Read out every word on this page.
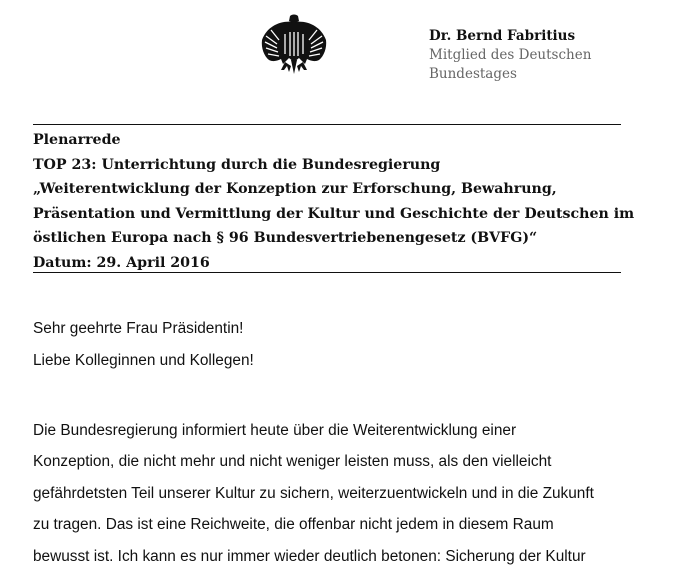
Dr. Bernd Fabritius
Mitglied des Deutschen Bundestages
Plenarrede
TOP 23: Unterrichtung durch die Bundesregierung
„Weiterentwicklung der Konzeption zur Erforschung, Bewahrung,
Präsentation und Vermittlung der Kultur und Geschichte der Deutschen im
östlichen Europa nach § 96 Bundesvertriebenengesetz (BVFG)“
Datum: 29. April 2016
Sehr geehrte Frau Präsidentin!
Liebe Kolleginnen und Kollegen!
Die Bundesregierung informiert heute über die Weiterentwicklung einer
Konzeption, die nicht mehr und nicht weniger leisten muss, als den vielleicht
gefährdetsten Teil unserer Kultur zu sichern, weiterzuentwickeln und in die Zukunft
zu tragen. Das ist eine Reichweite, die offenbar nicht jedem in diesem Raum
bewusst ist. Ich kann es nur immer wieder deutlich betonen: Sicherung der Kultur
